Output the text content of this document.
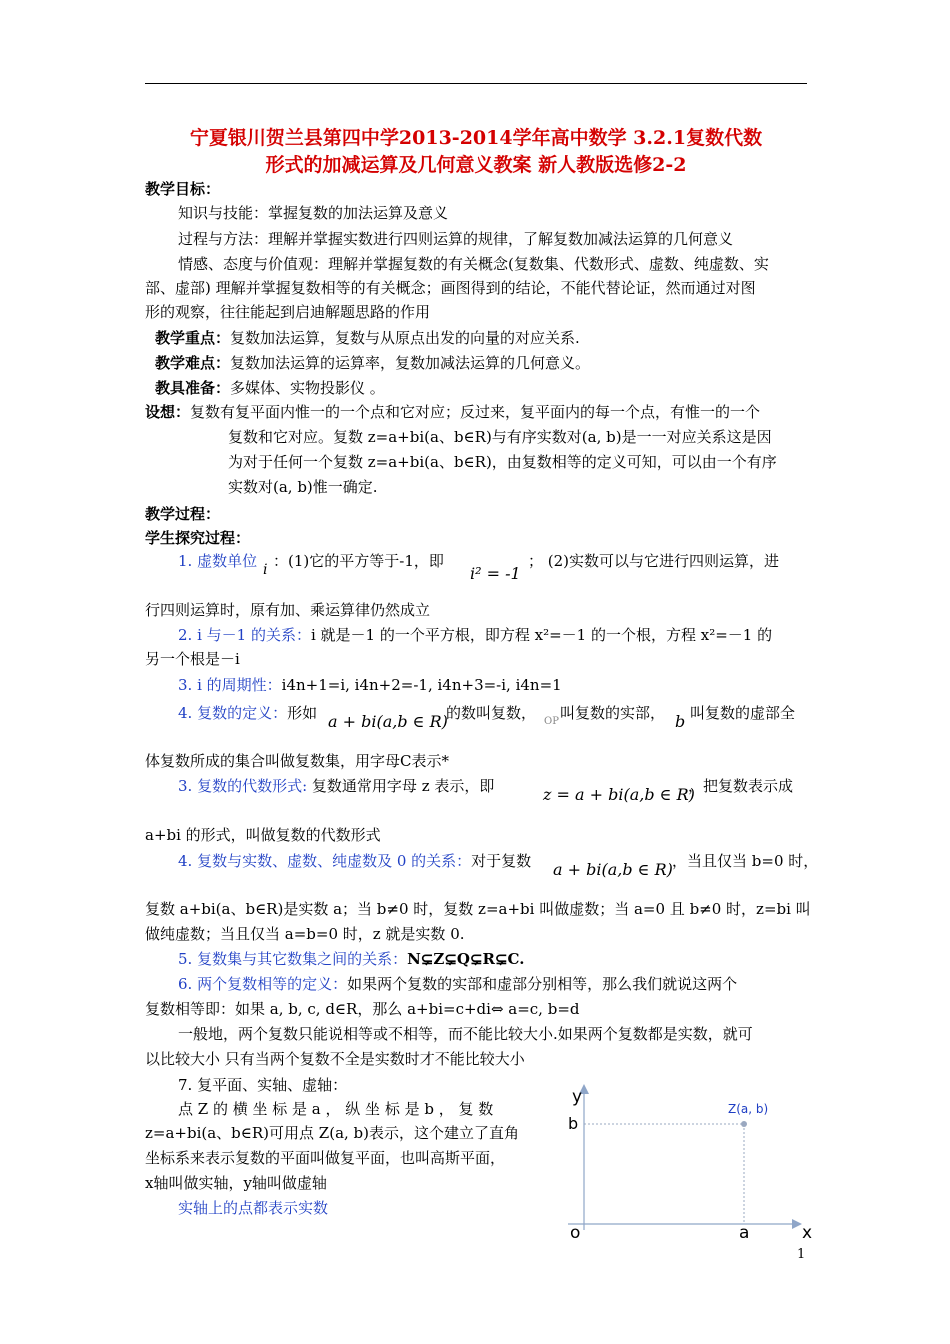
宁夏银川贺兰县第四中学2013-2014学年高中数学 3.2.1复数代数
形式的加减运算及几何意义教案 新人教版选修2-2
教学目标：
知识与技能：掌握复数的加法运算及意义
过程与方法：理解并掌握实数进行四则运算的规律，了解复数加减法运算的几何意义
情感、态度与价值观：理解并掌握复数的有关概念(复数集、代数形式、虚数、纯虚数、实
部、虚部) 理解并掌握复数相等的有关概念；画图得到的结论，不能代替论证，然而通过对图
形的观察，往往能起到启迪解题思路的作用
教学重点：复数加法运算，复数与从原点出发的向量的对应关系.
教学难点：复数加法运算的运算率，复数加减法运算的几何意义。
教具准备：多媒体、实物投影仪 。
设想：复数有复平面内惟一的一个点和它对应；反过来，复平面内的每一个点，有惟一的一个
复数和它对应。复数 z=a+bi(a、b∈R)与有序实数对(a, b)是一一对应关系这是因
为对于任何一个复数 z=a+bi(a、b∈R)，由复数相等的定义可知，可以由一个有序
实数对(a, b)惟一确定.
教学过程：
学生探究过程：
1. 虚数单位 i ：(1)它的平方等于-1，即
i² = -1
； (2)实数可以与它进行四则运算，进
行四则运算时，原有加、乘运算律仍然成立
2. i 与－1 的关系：i 就是－1 的一个平方根，即方程 x²=－1 的一个根，方程 x²=－1 的
另一个根是－i
3. i 的周期性：i4n+1=i, i4n+2=-1, i4n+3=-i, i4n=1
4. 复数的定义：形如 a + bi(a,b ∈ R)
的数叫复数， OP 叫复数的实部， b 叫复数的虚部全
体复数所成的集合叫做复数集，用字母C表示*
3. 复数的代数形式: 复数通常用字母 z 表示，即	z = a + bi(a,b ∈ R)
，把复数表示成
a+bi 的形式，叫做复数的代数形式
4. 复数与实数、虚数、纯虚数及 0 的关系：对于复数 a + bi(a,b ∈ R) ，当且仅当 b=0 时，
复数 a+bi(a、b∈R)是实数 a；当 b≠0 时，复数 z=a+bi 叫做虚数；当 a=0 且 b≠0 时，z=bi 叫
做纯虚数；当且仅当 a=b=0 时，z 就是实数 0.
5. 复数集与其它数集之间的关系：N⊊Z⊊Q⊊R⊊C.
6. 两个复数相等的定义：如果两个复数的实部和虚部分别相等，那么我们就说这两个
复数相等即：如果 a, b, c, d∈R，那么 a+bi=c+di⇔ a=c, b=d
一般地，两个复数只能说相等或不相等，而不能比较大小.如果两个复数都是实数，就可
以比较大小 只有当两个复数不全是实数时才不能比较大小
7. 复平面、实轴、虚轴：
点 Z 的 横 坐 标 是 a ， 纵 坐 标 是 b ， 复 数
z=a+bi(a、b∈R)可用点 Z(a, b)表示，这个建立了直角
坐标系来表示复数的平面叫做复平面，也叫高斯平面，
x轴叫做实轴，y轴叫做虚轴
实轴上的点都表示实数
y
b
Z(a, b)
o	a	x
1
